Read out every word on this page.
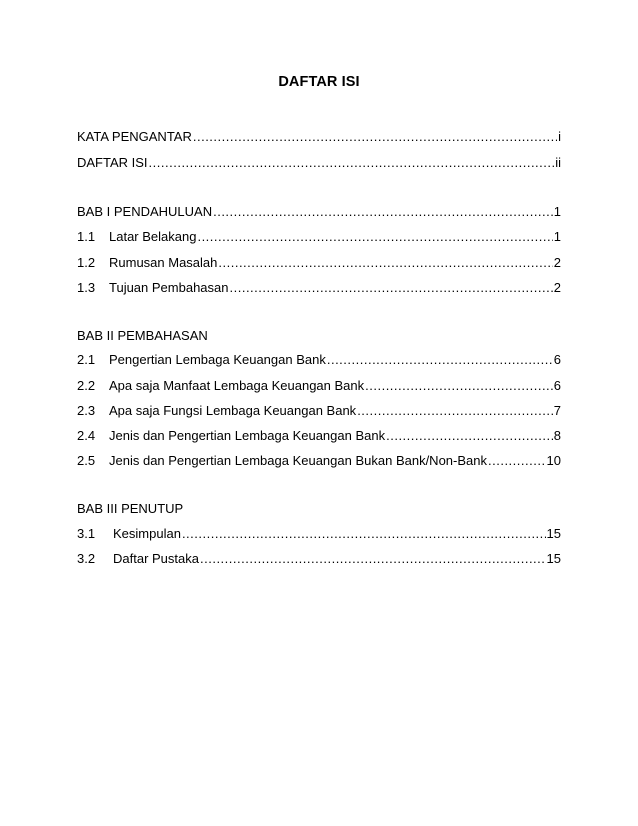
DAFTAR ISI
KATA PENGANTAR .....	i
DAFTAR ISI .....	ii
BAB I PENDAHULUAN .....	1
1.1	Latar Belakang .....	1
1.2	Rumusan Masalah .....	2
1.3	Tujuan Pembahasan .....	2
BAB II PEMBAHASAN
2.1	Pengertian Lembaga Keuangan Bank .....	6
2.2	Apa saja Manfaat Lembaga Keuangan Bank .....	6
2.3	Apa saja Fungsi Lembaga Keuangan Bank .....	7
2.4	Jenis dan Pengertian Lembaga Keuangan Bank .....	8
2.5	Jenis dan Pengertian Lembaga Keuangan Bukan Bank/Non-Bank .....	10
BAB III PENUTUP
3.1	Kesimpulan .....	15
3.2	Daftar Pustaka .....	15
